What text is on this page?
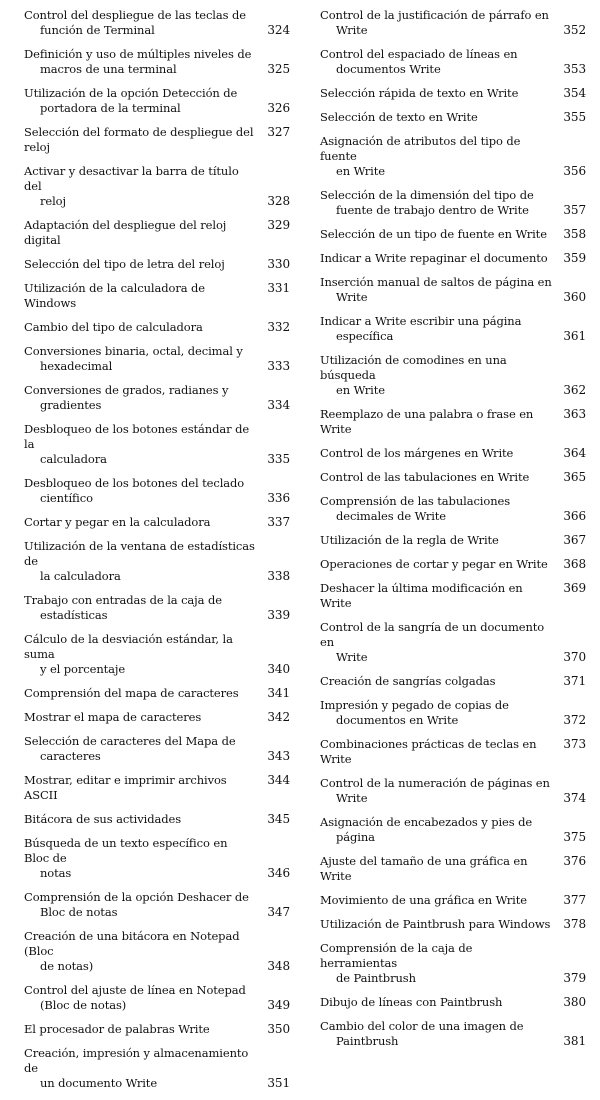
Control del despliegue de las teclas de
función de Terminal	324
Definición y uso de múltiples niveles de
macros de una terminal	325
Utilización de la opción Detección de
portadora de la terminal	326
Selección del formato de despliegue del reloj
327
Activar y desactivar la barra de título del
reloj	328
Adaptación del despliegue del reloj digital
329
Selección del tipo de letra del reloj	330
Utilización de la calculadora de Windows
331
Cambio del tipo de calculadora	332
Conversiones binaria, octal, decimal y
hexadecimal	333
Conversiones de grados, radianes y
gradientes	334
Desbloqueo de los botones estándar de la
calculadora	335
Desbloqueo de los botones del teclado
científico	336
Cortar y pegar en la calculadora	337
Utilización de la ventana de estadísticas de
la calculadora	338
Trabajo con entradas de la caja de
estadísticas	339
Cálculo de la desviación estándar, la suma
y el porcentaje	340
Comprensión del mapa de caracteres	341
Mostrar el mapa de caracteres	342
Selección de caracteres del Mapa de
caracteres	343
Mostrar, editar e imprimir archivos ASCII
344
Bitácora de sus actividades	345
Búsqueda de un texto específico en Bloc de
notas	346
Comprensión de la opción Deshacer de
Bloc de notas	347
Creación de una bitácora en Notepad (Bloc
de notas)	348
Control del ajuste de línea en Notepad
(Bloc de notas)	349
El procesador de palabras Write	350
Creación, impresión y almacenamiento de
un documento Write	351
Control de la justificación de párrafo en
Write	352
Control del espaciado de líneas en
documentos Write	353
Selección rápida de texto en Write	354
Selección de texto en Write	355
Asignación de atributos del tipo de fuente
en Write	356
Selección de la dimensión del tipo de
fuente de trabajo dentro de Write	357
Selección de un tipo de fuente en Write	358
Indicar a Write repaginar el documento	359
Inserción manual de saltos de página en
Write	360
Indicar a Write escribir una página
específica	361
Utilización de comodines en una búsqueda
en Write	362
Reemplazo de una palabra o frase en Write
363
Control de los márgenes en Write	364
Control de las tabulaciones en Write	365
Comprensión de las tabulaciones
decimales de Write	366
Utilización de la regla de Write	367
Operaciones de cortar y pegar en Write	368
Deshacer la última modificación en Write
369
Control de la sangría de un documento en
Write	370
Creación de sangrías colgadas	371
Impresión y pegado de copias de
documentos en Write	372
Combinaciones prácticas de teclas en Write
373
Control de la numeración de páginas en
Write	374
Asignación de encabezados y pies de
página	375
Ajuste del tamaño de una gráfica en Write
376
Movimiento de una gráfica en Write	377
Utilización de Paintbrush para Windows	378
Comprensión de la caja de herramientas
de Paintbrush	379
Dibujo de líneas con Paintbrush	380
Cambio del color de una imagen de
Paintbrush	381
